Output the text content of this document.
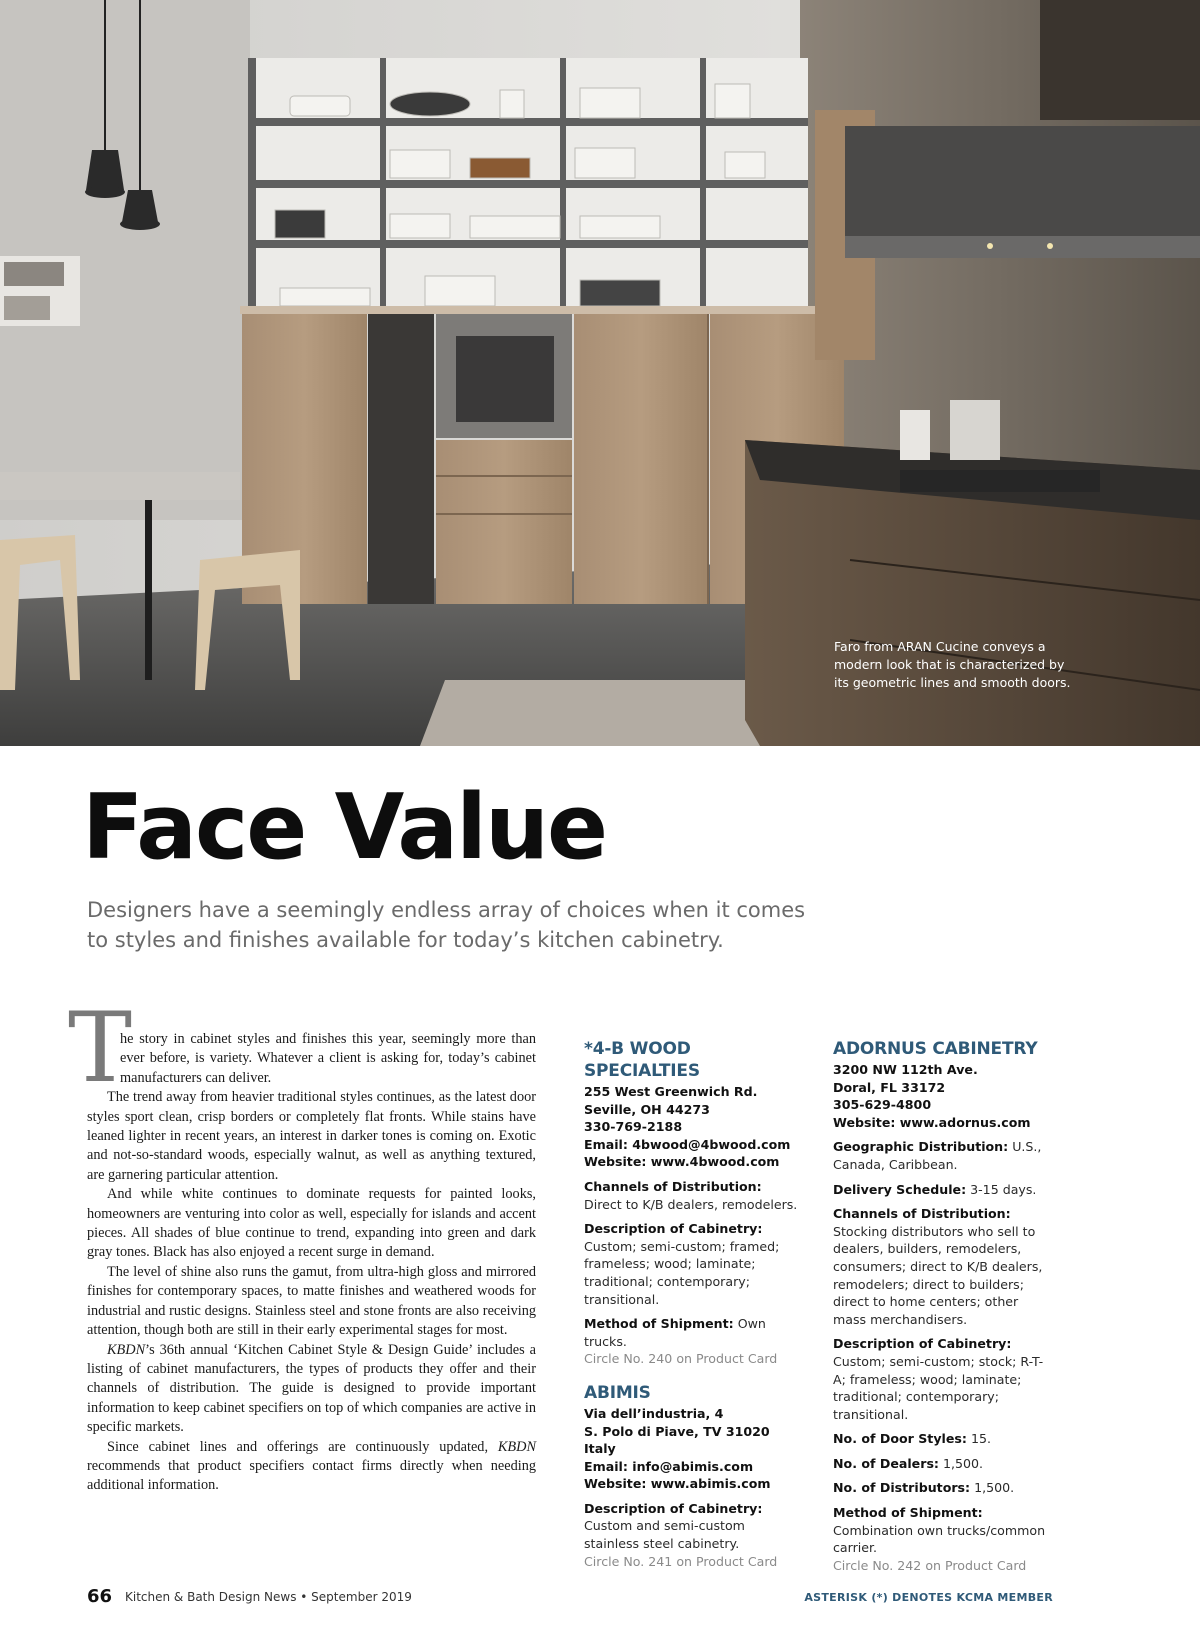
Faro from ARAN Cucine conveys a modern look that is characterized by its geometric lines and smooth doors.
Face Value

Designers have a seemingly endless array of choices when it comes to styles and finishes available for today’s kitchen cabinetry.

T

he story in cabinet styles and finishes this year, seemingly more than ever before, is variety. Whatever a client is asking for, today’s cabinet manufacturers can deliver.

The trend away from heavier traditional styles continues, as the latest door styles sport clean, crisp borders or completely flat fronts. While stains have leaned lighter in recent years, an interest in darker tones is coming on. Exotic and not-so-standard woods, especially walnut, as well as anything textured, are garnering particular attention.

And while white continues to dominate requests for painted looks, homeowners are venturing into color as well, especially for islands and accent pieces. All shades of blue continue to trend, expanding into green and dark gray tones. Black has also enjoyed a recent surge in demand.

The level of shine also runs the gamut, from ultra-high gloss and mirrored finishes for contemporary spaces, to matte finishes and weathered woods for industrial and rustic designs. Stainless steel and stone fronts are also receiving attention, though both are still in their early experimental stages for most.

KBDN’s 36th annual ‘Kitchen Cabinet Style & Design Guide’ includes a listing of cabinet manufacturers, the types of products they offer and their channels of distribution. The guide is designed to provide important information to keep cabinet specifiers on top of which companies are active in specific markets.

Since cabinet lines and offerings are continuously updated, KBDN recommends that product specifiers contact firms directly when needing additional information.

*4-B WOOD SPECIALTIES
255 West Greenwich Rd.
Seville, OH 44273
330-769-2188
Email: 4bwood@4bwood.com
Website: www.4bwood.com
Channels of Distribution: Direct to K/B dealers, remodelers.
Description of Cabinetry: Custom; semi-custom; framed; frameless; wood; laminate; traditional; contemporary; transitional.
Method of Shipment: Own trucks.
Circle No. 240 on Product Card
ABIMIS
Via dell’industria, 4
S. Polo di Piave, TV 31020
Italy
Email: info@abimis.com
Website: www.abimis.com
Description of Cabinetry: Custom and semi-custom stainless steel cabinetry.
Circle No. 241 on Product Card
ADORNUS CABINETRY
3200 NW 112th Ave.
Doral, FL 33172
305-629-4800
Website: www.adornus.com
Geographic Distribution: U.S., Canada, Caribbean.
Delivery Schedule: 3-15 days.
Channels of Distribution: Stocking distributors who sell to dealers, builders, remodelers, consumers; direct to K/B dealers, remodelers; direct to builders; direct to home centers; other mass merchandisers.
Description of Cabinetry: Custom; semi-custom; stock; R-T-A; frameless; wood; laminate; traditional; contemporary; transitional.
No. of Door Styles: 15.
No. of Dealers: 1,500.
No. of Distributors: 1,500.
Method of Shipment: Combination own trucks/common carrier.
Circle No. 242 on Product Card
66 Kitchen & Bath Design News • September 2019	ASTERISK (*) DENOTES KCMA MEMBER
